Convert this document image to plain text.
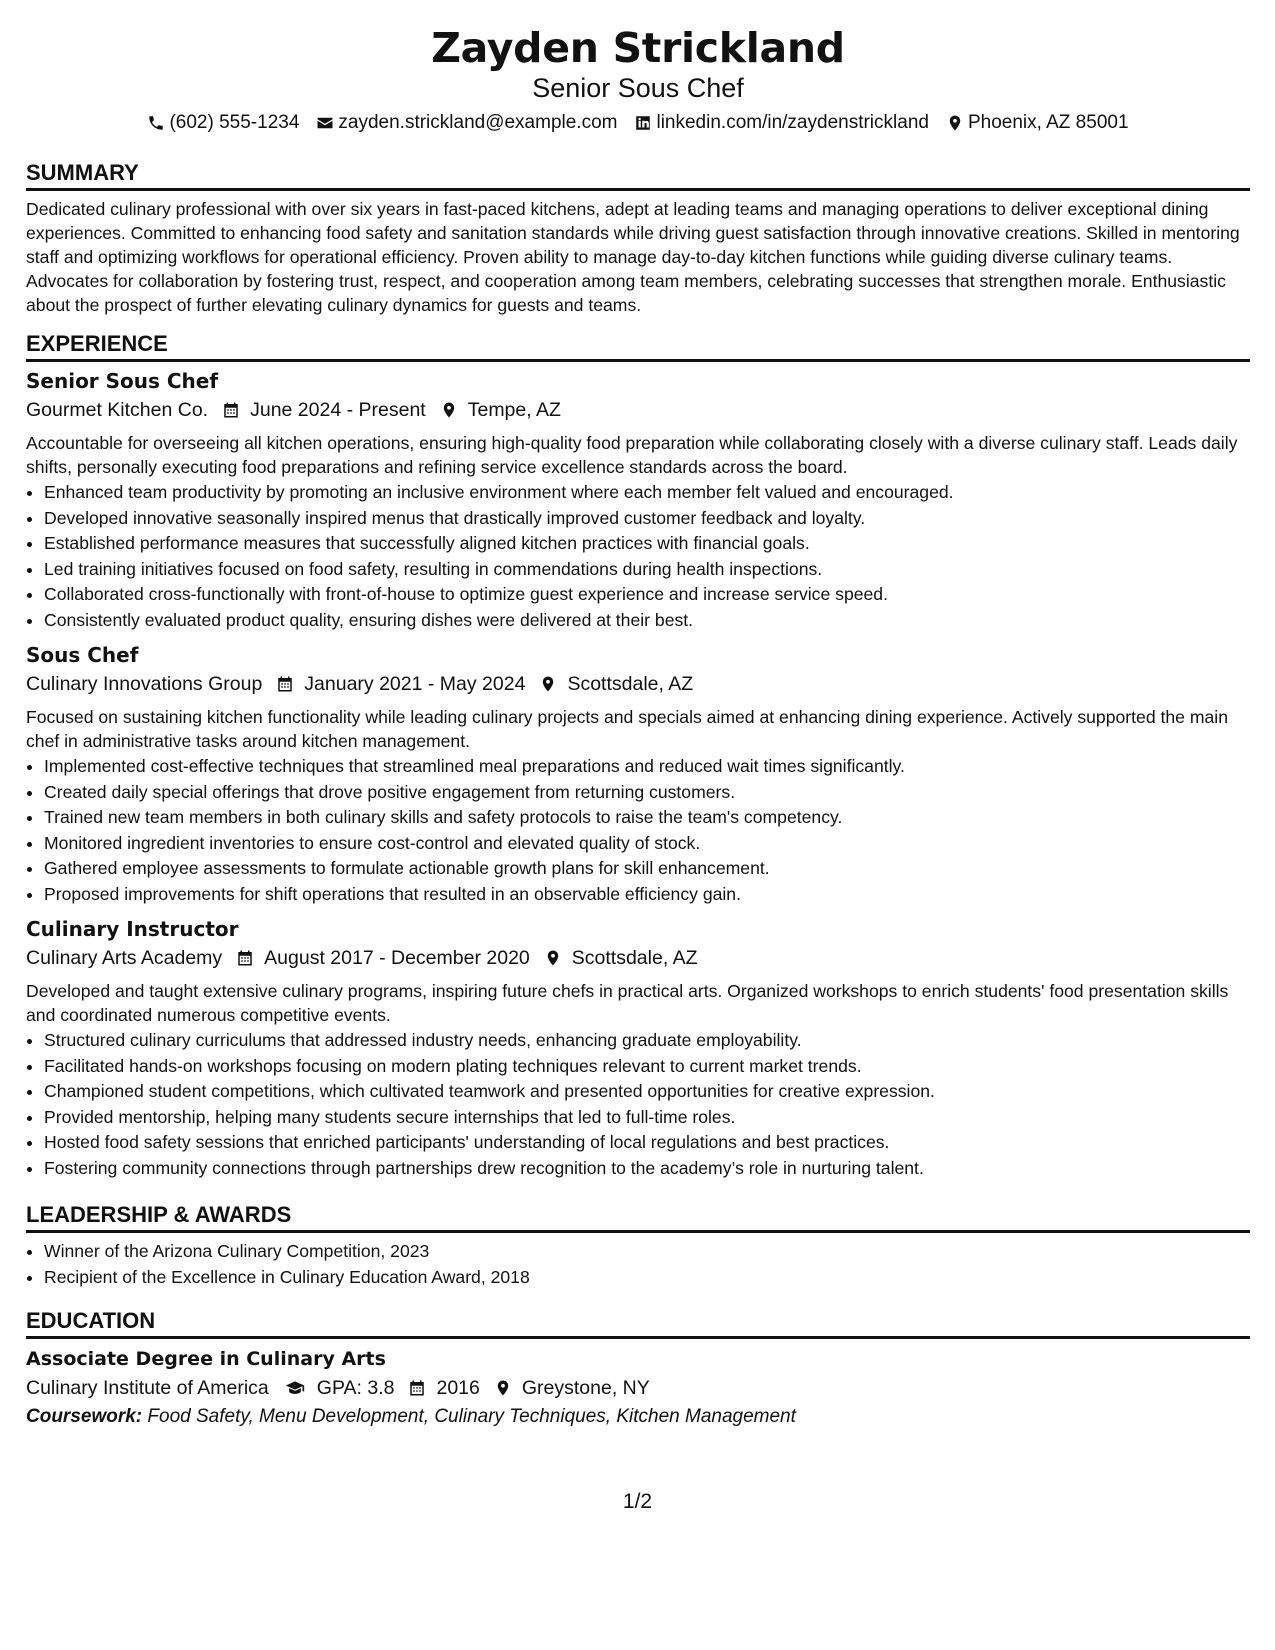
Zayden Strickland
Senior Sous Chef
(602) 555-1234 zayden.strickland@example.com linkedin.com/in/zaydenstrickland Phoenix, AZ 85001
SUMMARY

Dedicated culinary professional with over six years in fast-paced kitchens, adept at leading teams and managing operations to deliver exceptional dining experiences. Committed to enhancing food safety and sanitation standards while driving guest satisfaction through innovative creations. Skilled in mentoring staff and optimizing workflows for operational efficiency. Proven ability to manage day-to-day kitchen functions while guiding diverse culinary teams. Advocates for collaboration by fostering trust, respect, and cooperation among team members, celebrating successes that strengthen morale. Enthusiastic about the prospect of further elevating culinary dynamics for guests and teams.

EXPERIENCE
Senior Sous Chef
Gourmet Kitchen Co. June 2024 - Present Tempe, AZ
Accountable for overseeing all kitchen operations, ensuring high-quality food preparation while collaborating closely with a diverse culinary staff. Leads daily shifts, personally executing food preparations and refining service excellence standards across the board.
• Enhanced team productivity by promoting an inclusive environment where each member felt valued and encouraged.
• Developed innovative seasonally inspired menus that drastically improved customer feedback and loyalty.
• Established performance measures that successfully aligned kitchen practices with financial goals.
• Led training initiatives focused on food safety, resulting in commendations during health inspections.
• Collaborated cross-functionally with front-of-house to optimize guest experience and increase service speed.
• Consistently evaluated product quality, ensuring dishes were delivered at their best.
Sous Chef
Culinary Innovations Group January 2021 - May 2024 Scottsdale, AZ
Focused on sustaining kitchen functionality while leading culinary projects and specials aimed at enhancing dining experience. Actively supported the main chef in administrative tasks around kitchen management.
• Implemented cost-effective techniques that streamlined meal preparations and reduced wait times significantly.
• Created daily special offerings that drove positive engagement from returning customers.
• Trained new team members in both culinary skills and safety protocols to raise the team's competency.
• Monitored ingredient inventories to ensure cost-control and elevated quality of stock.
• Gathered employee assessments to formulate actionable growth plans for skill enhancement.
• Proposed improvements for shift operations that resulted in an observable efficiency gain.
Culinary Instructor
Culinary Arts Academy August 2017 - December 2020 Scottsdale, AZ
Developed and taught extensive culinary programs, inspiring future chefs in practical arts. Organized workshops to enrich students' food presentation skills and coordinated numerous competitive events.
• Structured culinary curriculums that addressed industry needs, enhancing graduate employability.
• Facilitated hands-on workshops focusing on modern plating techniques relevant to current market trends.
• Championed student competitions, which cultivated teamwork and presented opportunities for creative expression.
• Provided mentorship, helping many students secure internships that led to full-time roles.
• Hosted food safety sessions that enriched participants' understanding of local regulations and best practices.
• Fostering community connections through partnerships drew recognition to the academy’s role in nurturing talent.
LEADERSHIP & AWARDS
• Winner of the Arizona Culinary Competition, 2023
• Recipient of the Excellence in Culinary Education Award, 2018
EDUCATION
Associate Degree in Culinary Arts
Culinary Institute of America GPA: 3.8 2016 Greystone, NY
Coursework: Food Safety, Menu Development, Culinary Techniques, Kitchen Management
1/2
